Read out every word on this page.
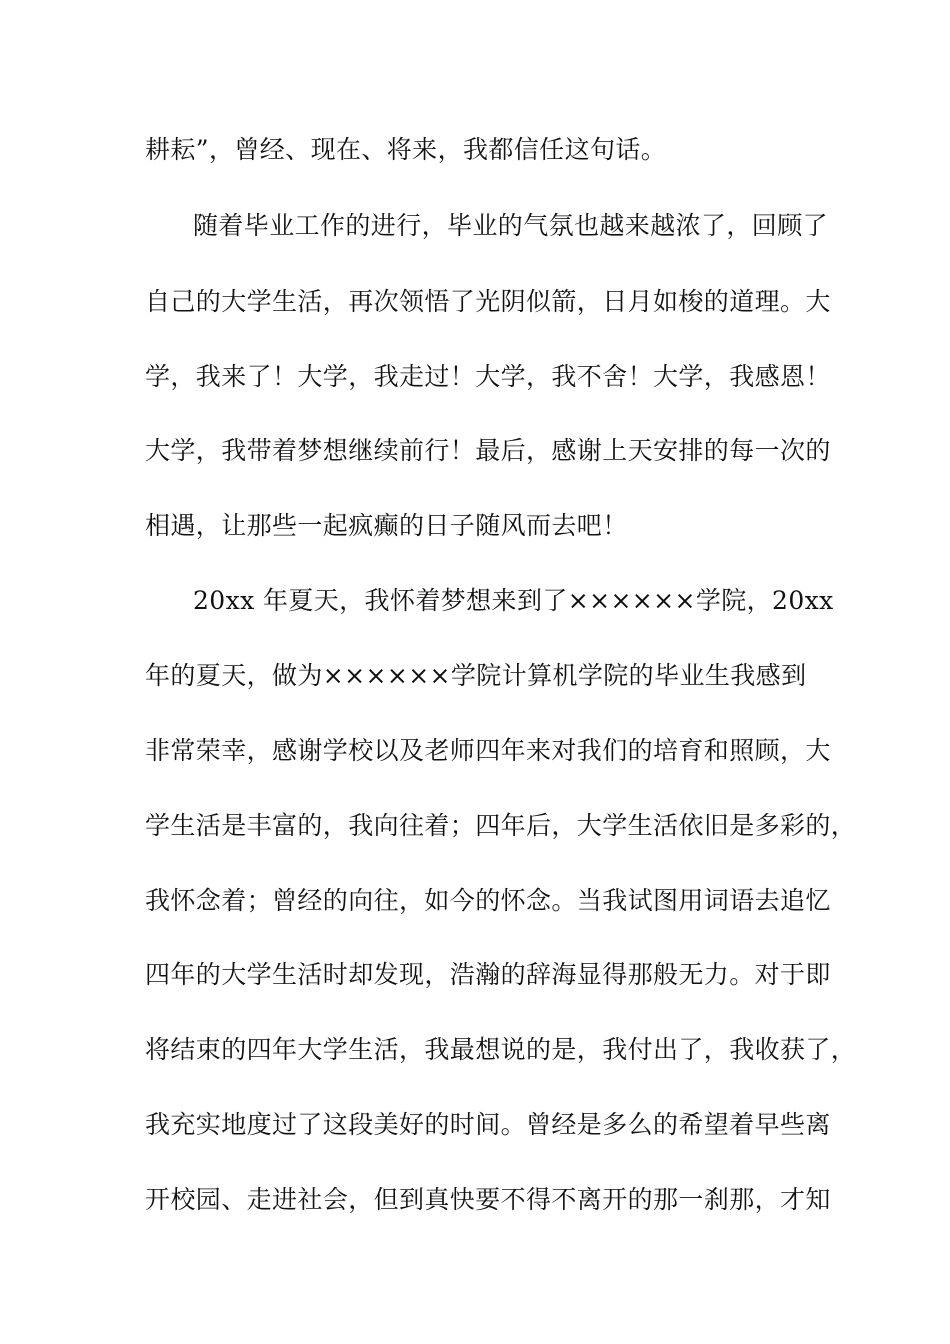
耕耘”，曾经、现在、将来，我都信任这句话。
随着毕业工作的进行，毕业的气氛也越来越浓了，回顾了
自己的大学生活，再次领悟了光阴似箭，日月如梭的道理。大
学，我来了！大学，我走过！大学，我不舍！大学，我感恩！
大学，我带着梦想继续前行！最后，感谢上天安排的每一次的
相遇，让那些一起疯癫的日子随风而去吧！
20xx 年夏天，我怀着梦想来到了××××××学院，20xx
年的夏天，做为××××××学院计算机学院的毕业生我感到
非常荣幸，感谢学校以及老师四年来对我们的培育和照顾，大
学生活是丰富的，我向往着；四年后，大学生活依旧是多彩的，
我怀念着；曾经的向往，如今的怀念。当我试图用词语去追忆
四年的大学生活时却发现，浩瀚的辞海显得那般无力。对于即
将结束的四年大学生活，我最想说的是，我付出了，我收获了，
我充实地度过了这段美好的时间。曾经是多么的希望着早些离
开校园、走进社会，但到真快要不得不离开的那一刹那，才知
